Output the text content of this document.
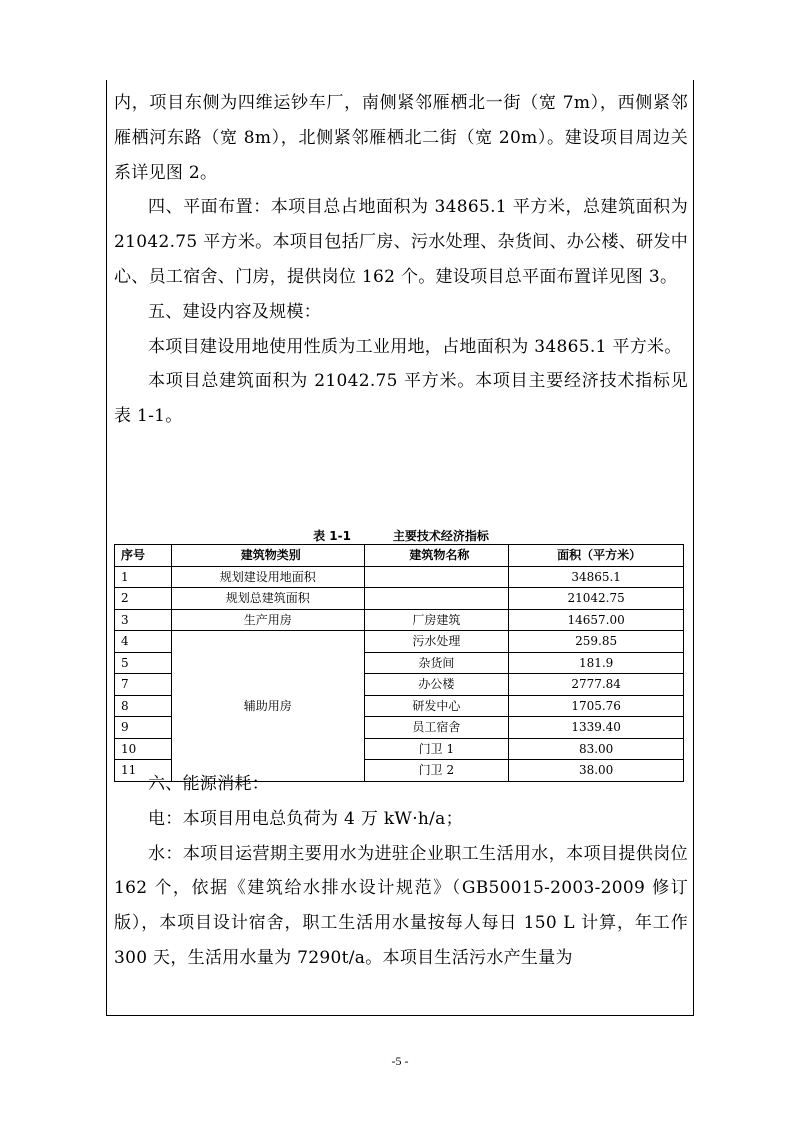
内，项目东侧为四维运钞车厂，南侧紧邻雁栖北一街（宽 7m），西侧紧邻雁栖河东路（宽 8m），北侧紧邻雁栖北二街（宽 20m）。建设项目周边关系详见图 2。

四、平面布置：本项目总占地面积为 34865.1 平方米，总建筑面积为 21042.75 平方米。本项目包括厂房、污水处理、杂货间、办公楼、研发中心、员工宿舍、门房，提供岗位 162 个。建设项目总平面布置详见图 3。

五、建设内容及规模：

本项目建设用地使用性质为工业用地，占地面积为 34865.1 平方米。

本项目总建筑面积为 21042.75 平方米。本项目主要经济技术指标见表 1-1。

表 1-1	主要技术经济指标
序号	建筑物类别	建筑物名称	面积（平方米）
1	规划建设用地面积		34865.1
2	规划总建筑面积		21042.75
3	生产用房	厂房建筑	14657.00
4	辅助用房	污水处理	259.85
5		杂货间	181.9
7		办公楼	2777.84
8		研发中心	1705.76
9		员工宿舍	1339.40
10		门卫 1	83.00
11		门卫 2	38.00

六、能源消耗：

电：本项目用电总负荷为 4 万 kW·h/a；

水：本项目运营期主要用水为进驻企业职工生活用水，本项目提供岗位 162 个，依据《建筑给水排水设计规范》（GB50015-2003-2009 修订版），本项目设计宿舍，职工生活用水量按每人每日 150 L 计算，年工作 300 天，生活用水量为 7290t/a。本项目生活污水产生量为

-5 -
